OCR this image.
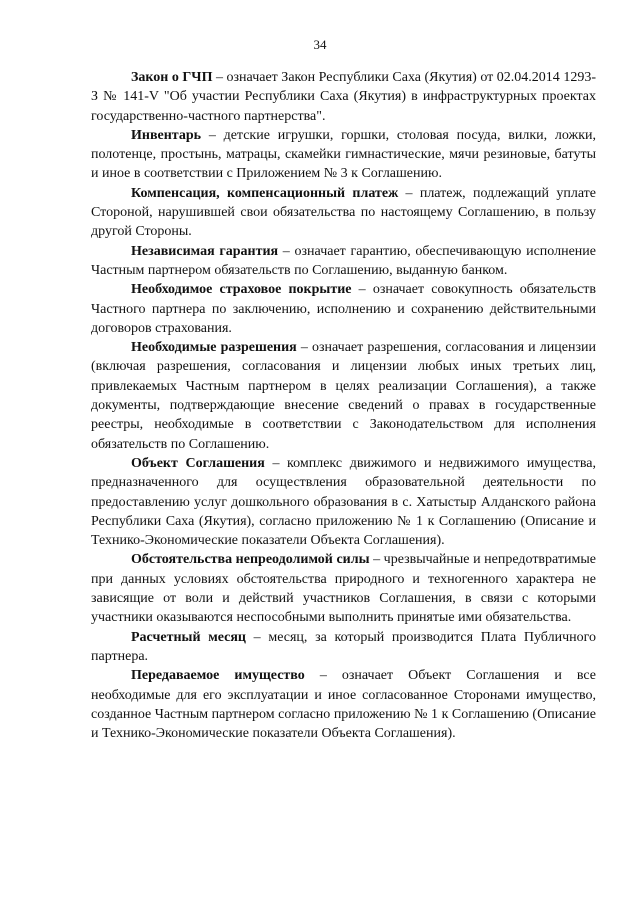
34

Закон о ГЧП – означает Закон Республики Саха (Якутия) от 02.04.2014 1293-З № 141-V "Об участии Республики Саха (Якутия) в инфраструктурных проектах государственно-частного партнерства".

Инвентарь – детские игрушки, горшки, столовая посуда, вилки, ложки, полотенце, простынь, матрацы, скамейки гимнастические, мячи резиновые, батуты и иное в соответствии с Приложением № 3 к Соглашению.

Компенсация, компенсационный платеж – платеж, подлежащий уплате Стороной, нарушившей свои обязательства по настоящему Соглашению, в пользу другой Стороны.

Независимая гарантия – означает гарантию, обеспечивающую исполнение Частным партнером обязательств по Соглашению, выданную банком.

Необходимое страховое покрытие – означает совокупность обязательств Частного партнера по заключению, исполнению и сохранению действительными договоров страхования.

Необходимые разрешения – означает разрешения, согласования и лицензии (включая разрешения, согласования и лицензии любых иных третьих лиц, привлекаемых Частным партнером в целях реализации Соглашения), а также документы, подтверждающие внесение сведений о правах в государственные реестры, необходимые в соответствии с Законодательством для исполнения обязательств по Соглашению.

Объект Соглашения – комплекс движимого и недвижимого имущества, предназначенного для осуществления образовательной деятельности по предоставлению услуг дошкольного образования в с. Хатыстыр Алданского района Республики Саха (Якутия), согласно приложению № 1 к Соглашению (Описание и Технико-Экономические показатели Объекта Соглашения).

Обстоятельства непреодолимой силы – чрезвычайные и непредотвратимые при данных условиях обстоятельства природного и техногенного характера не зависящие от воли и действий участников Соглашения, в связи с которыми участники оказываются неспособными выполнить принятые ими обязательства.

Расчетный месяц – месяц, за который производится Плата Публичного партнера.

Передаваемое имущество – означает Объект Соглашения и все необходимые для его эксплуатации и иное согласованное Сторонами имущество, созданное Частным партнером согласно приложению № 1 к Соглашению (Описание и Технико-Экономические показатели Объекта Соглашения).
